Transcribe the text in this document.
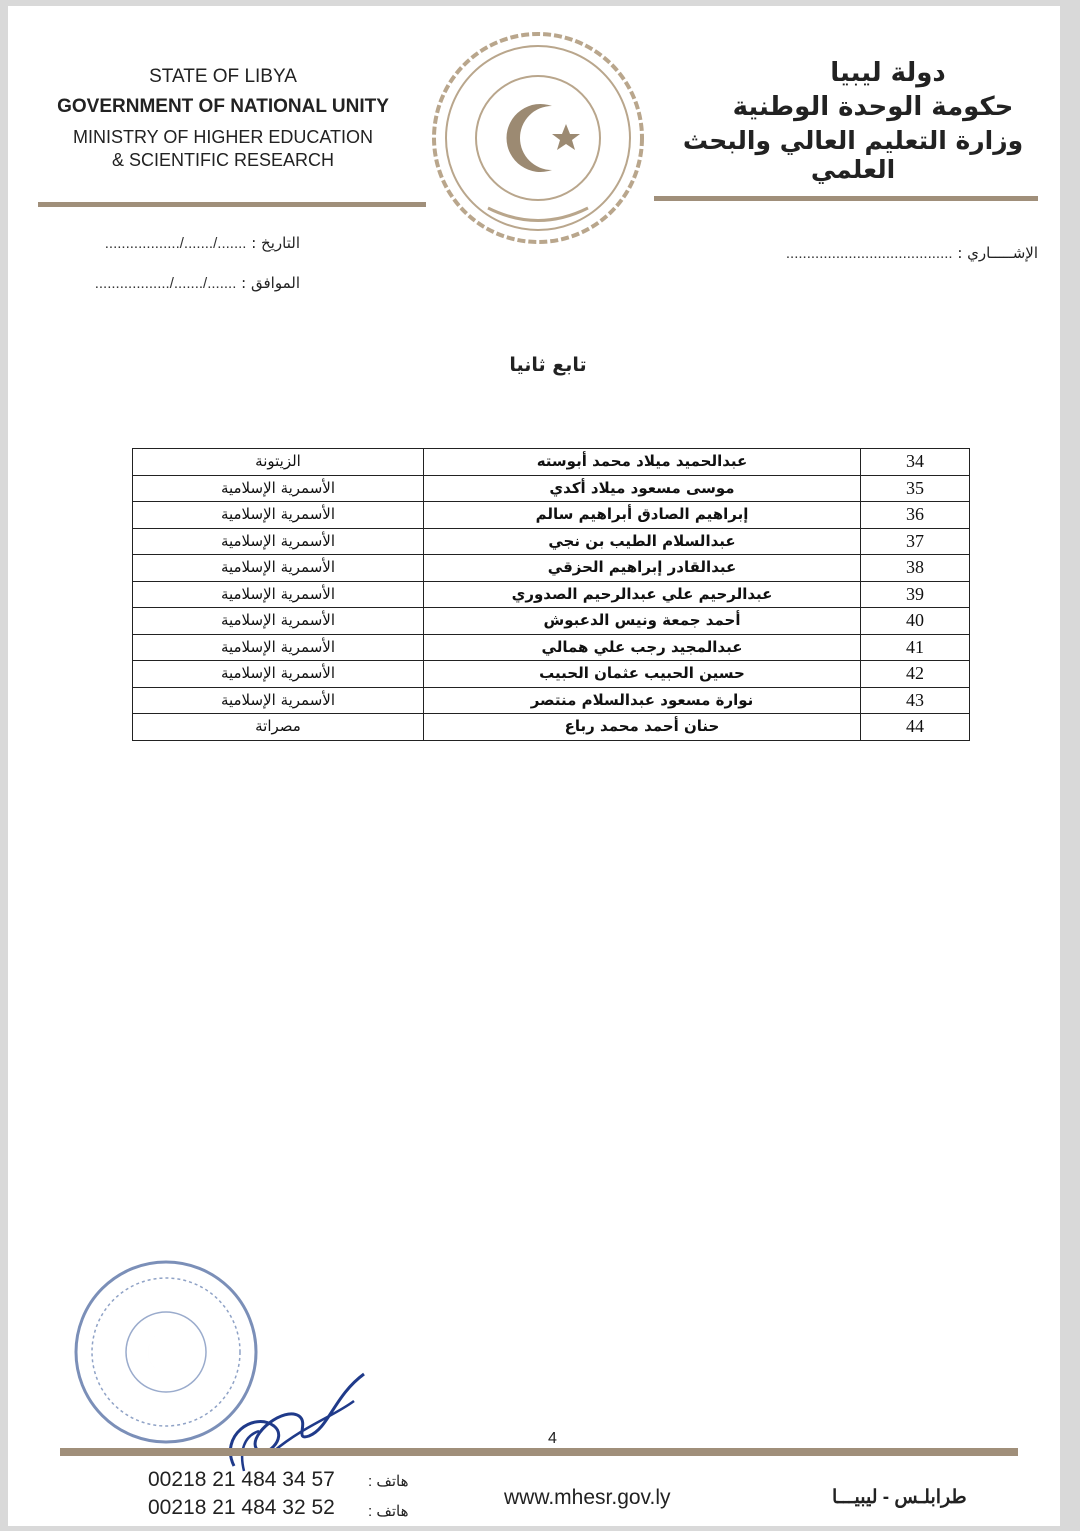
STATE OF LIBYA
GOVERNMENT OF NATIONAL UNITY
MINISTRY OF HIGHER EDUCATION
& SCIENTIFIC RESEARCH
دولة ليبيا
حكومة الوحدة الوطنية
وزارة التعليم العالي والبحث العلمي
التاريخ : ......./......./..................
الموافق : ......./......./..................
الإشـــــاري : ........................................
تابع ثانيا
34	عبدالحميد ميلاد محمد أبوسته	الزيتونة
35	موسى مسعود ميلاد أكدي	الأسمرية الإسلامية
36	إبراهيم الصادق أبراهيم سالم	الأسمرية الإسلامية
37	عبدالسلام الطيب بن نجي	الأسمرية الإسلامية
38	عبدالقادر إبراهيم الحزقي	الأسمرية الإسلامية
39	عبدالرحيم علي عبدالرحيم الصدوري	الأسمرية الإسلامية
40	أحمد جمعة ونيس الدعبوش	الأسمرية الإسلامية
41	عبدالمجيد رجب علي همالي	الأسمرية الإسلامية
42	حسين الحبيب عثمان الحبيب	الأسمرية الإسلامية
43	نوارة مسعود عبدالسلام منتصر	الأسمرية الإسلامية
44	حنان أحمد محمد رباع	مصراتة
4
00218 21 484 34 57 هاتف :
00218 21 484 32 52 هاتف :
www.mhesr.gov.ly	طرابلـس - ليبيـــا
